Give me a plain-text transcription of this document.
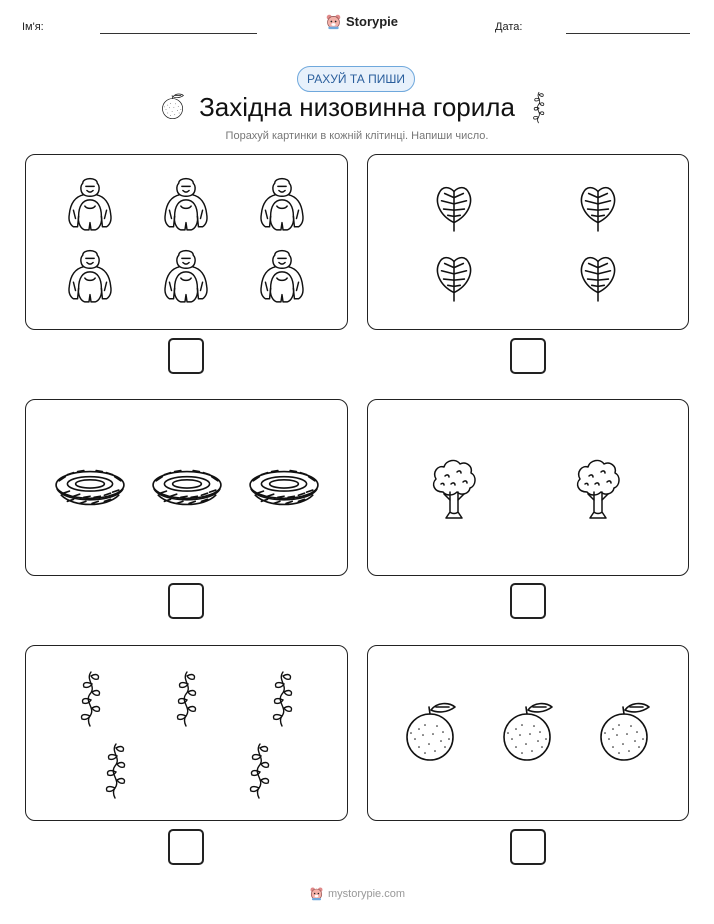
Ім'я:	Storypie	Дата:
РАХУЙ ТА ПИШИ
Західна низовинна горила
Порахуй картинки в кожній клітинці. Напиши число.
mystorypie.com
